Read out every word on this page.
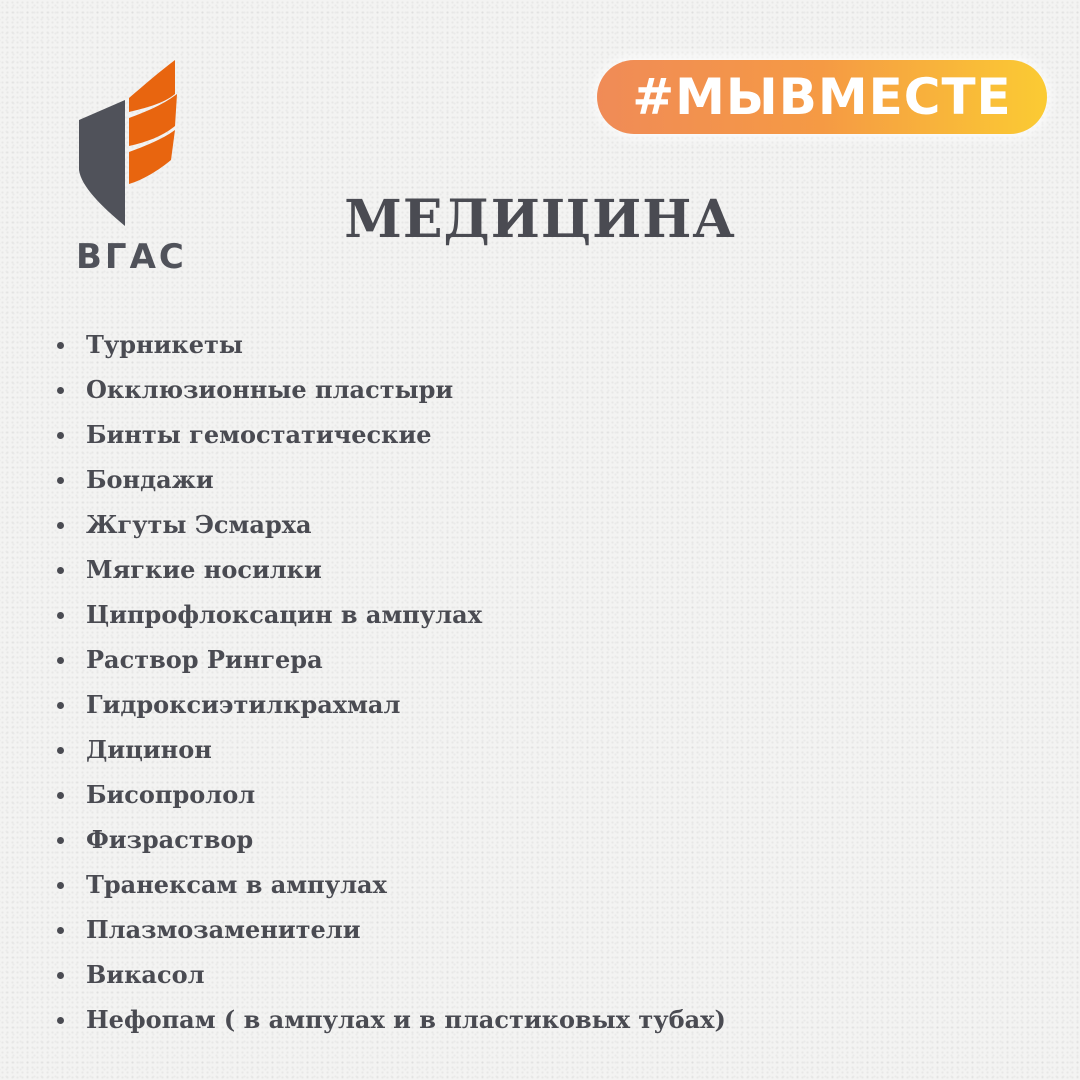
ВГАС
#МЫВМЕСТЕ
МЕДИЦИНА
Турникеты
Окклюзионные пластыри
Бинты гемостатические
Бондажи
Жгуты Эсмарха
Мягкие носилки
Ципрофлоксацин в ампулах
Раствор Рингера
Гидроксиэтилкрахмал
Дицинон
Бисопролол
Физраствор
Транексам в ампулах
Плазмозаменители
Викасол
Нефопам ( в ампулах и в пластиковых тубах)
